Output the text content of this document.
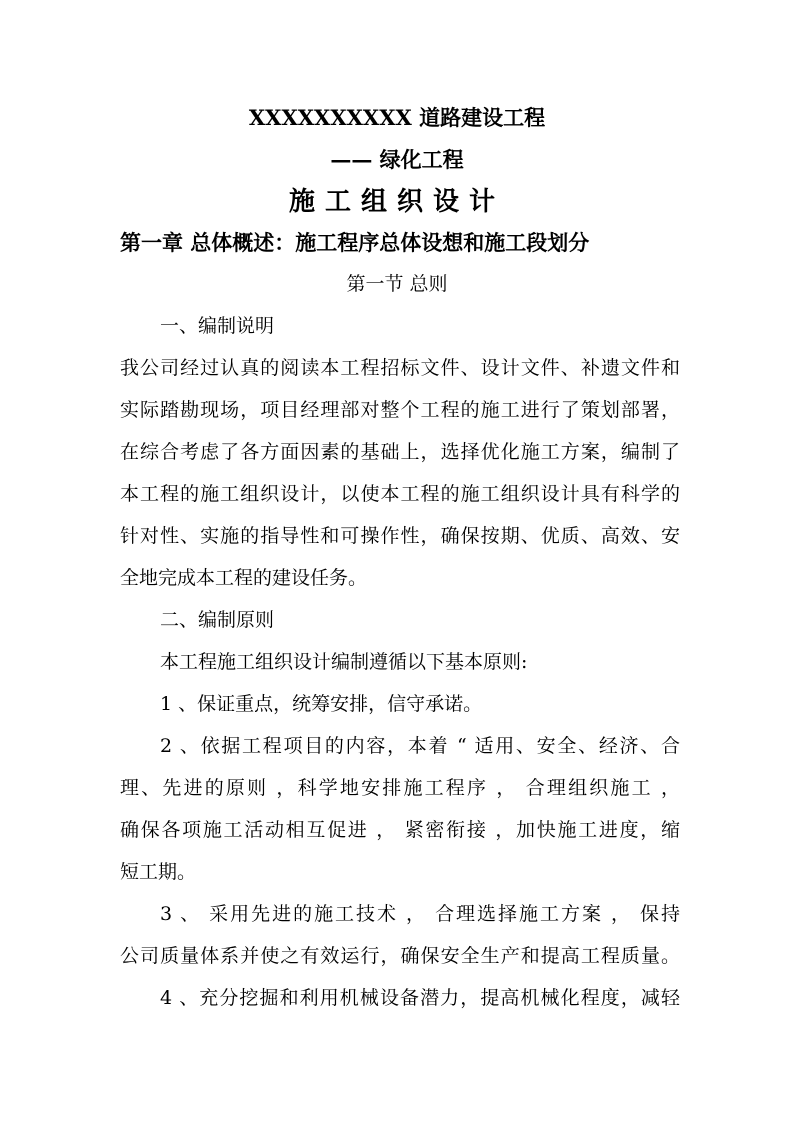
XXXXXXXXXX 道路建设工程
—— 绿化工程
施工组织设计
第一章 总体概述：施工程序总体设想和施工段划分
第一节 总则
一、编制说明
我公司经过认真的阅读本工程招标文件、设计文件、补遗文件和
实际踏勘现场，项目经理部对整个工程的施工进行了策划部署，
在综合考虑了各方面因素的基础上，选择优化施工方案，编制了
本工程的施工组织设计，以使本工程的施工组织设计具有科学的
针对性、实施的指导性和可操作性，确保按期、优质、高效、安
全地完成本工程的建设任务。
二、编制原则
本工程施工组织设计编制遵循以下基本原则:
1 、保证重点，统筹安排，信守承诺。
2 、依据工程项目的内容，本着 “ 适用、安全、经济、合
理、先进的原则 ，科学地安排施工程序 ， 合理组织施工 ，
确保各项施工活动相互促进 ， 紧密衔接 ，加快施工进度，缩
短工期。
3 、 采用先进的施工技术 ， 合理选择施工方案 ， 保持
公司质量体系并使之有效运行，确保安全生产和提高工程质量。
4 、充分挖掘和利用机械设备潜力，提高机械化程度，减轻
